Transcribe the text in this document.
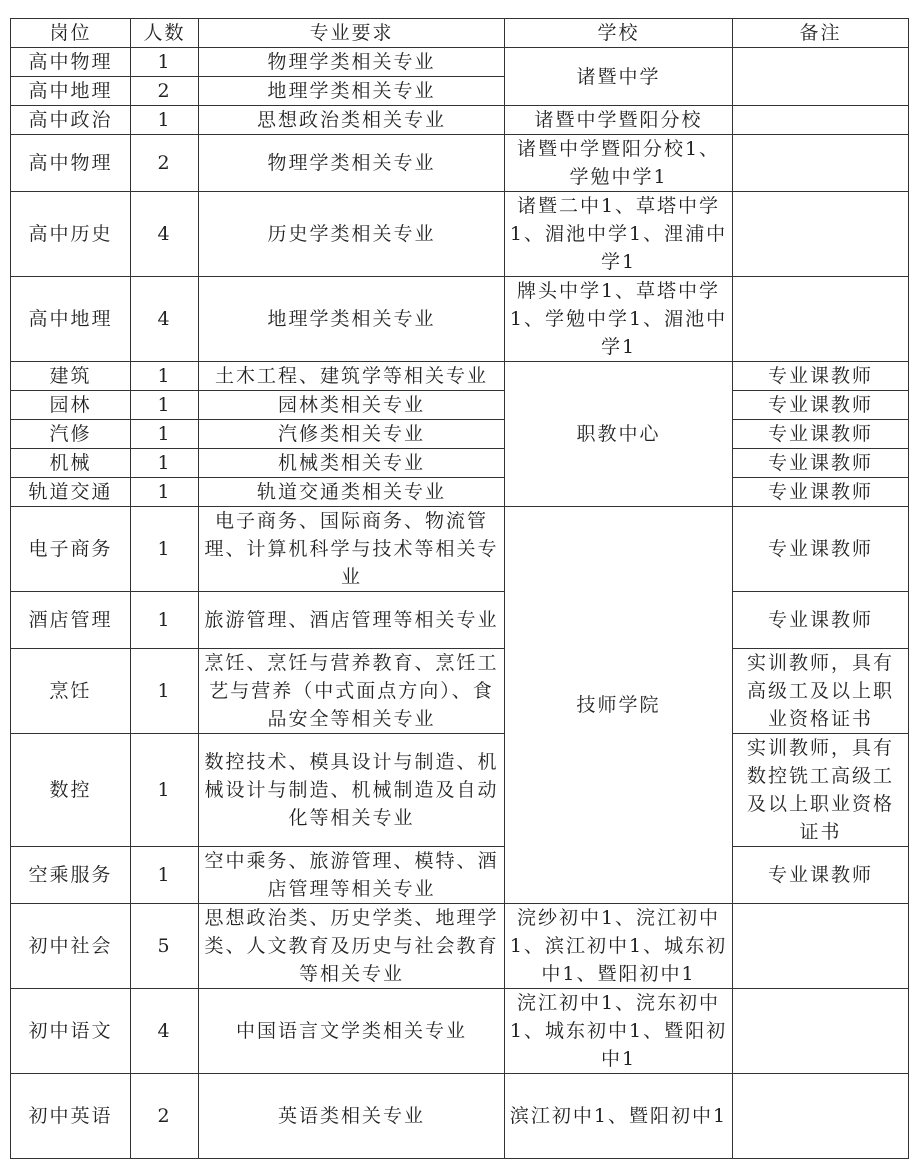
岗位	人数	专业要求	学校	备注
高中物理	1	物理学类相关专业	诸暨中学	
高中地理	2	地理学类相关专业		
高中政治	1	思想政治类相关专业	诸暨中学暨阳分校	
高中物理	2	物理学类相关专业	诸暨中学暨阳分校1、学勉中学1	
高中历史	4	历史学类相关专业	诸暨二中1、草塔中学1、湄池中学1、浬浦中学1	
高中地理	4	地理学类相关专业	牌头中学1、草塔中学1、学勉中学1、湄池中学1	
建筑	1	土木工程、建筑学等相关专业	职教中心	专业课教师
园林	1	园林类相关专业		专业课教师
汽修	1	汽修类相关专业		专业课教师
机械	1	机械类相关专业		专业课教师
轨道交通	1	轨道交通类相关专业		专业课教师
电子商务	1	电子商务、国际商务、物流管理、计算机科学与技术等相关专业	技师学院	专业课教师
酒店管理	1	旅游管理、酒店管理等相关专业		专业课教师
烹饪	1	烹饪、烹饪与营养教育、烹饪工艺与营养（中式面点方向）、食品安全等相关专业		实训教师，具有高级工及以上职业资格证书
数控	1	数控技术、模具设计与制造、机械设计与制造、机械制造及自动化等相关专业		实训教师，具有数控铣工高级工及以上职业资格证书
空乘服务	1	空中乘务、旅游管理、模特、酒店管理等相关专业		专业课教师
初中社会	5	思想政治类、历史学类、地理学类、人文教育及历史与社会教育等相关专业	浣纱初中1、浣江初中1、滨江初中1、城东初中1、暨阳初中1	
初中语文	4	中国语言文学类相关专业	浣江初中1、浣东初中1、城东初中1、暨阳初中1	
初中英语	2	英语类相关专业	滨江初中1、暨阳初中1	
